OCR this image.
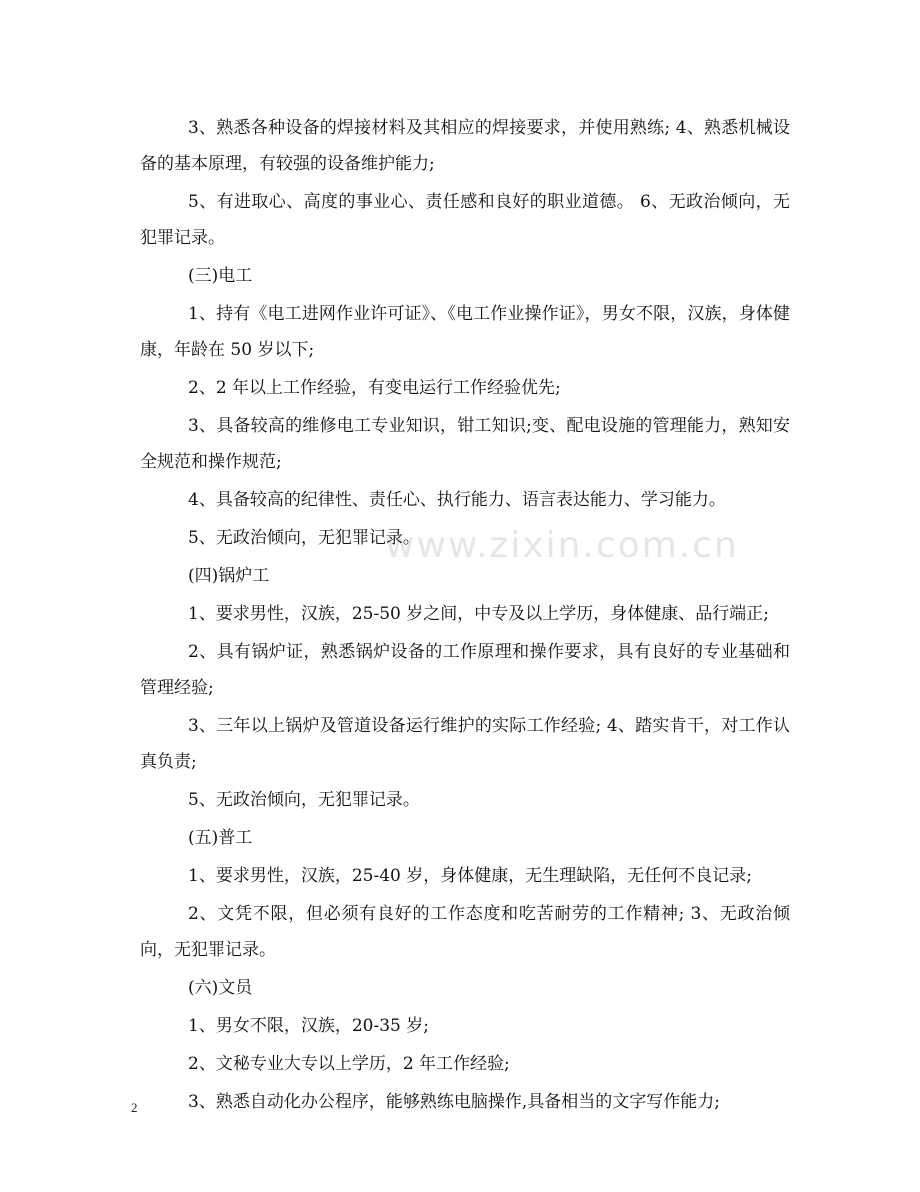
www.zixin.com.cn

3、熟悉各种设备的焊接材料及其相应的焊接要求，并使用熟练; 4、熟悉机械设备的基本原理，有较强的设备维护能力;

5、有进取心、高度的事业心、责任感和良好的职业道德。 6、无政治倾向，无犯罪记录。

(三)电工

1、持有《电工进网作业许可证》、《电工作业操作证》，男女不限，汉族，身体健康，年龄在 50 岁以下;

2、2 年以上工作经验，有变电运行工作经验优先;

3、具备较高的维修电工专业知识，钳工知识;变、配电设施的管理能力，熟知安全规范和操作规范;

4、具备较高的纪律性、责任心、执行能力、语言表达能力、学习能力。

5、无政治倾向，无犯罪记录。

(四)锅炉工

1、要求男性，汉族，25-50 岁之间，中专及以上学历，身体健康、品行端正;

2、具有锅炉证，熟悉锅炉设备的工作原理和操作要求，具有良好的专业基础和管理经验;

3、三年以上锅炉及管道设备运行维护的实际工作经验; 4、踏实肯干，对工作认真负责;

5、无政治倾向，无犯罪记录。

(五)普工

1、要求男性，汉族，25-40 岁，身体健康，无生理缺陷，无任何不良记录;

2、文凭不限，但必须有良好的工作态度和吃苦耐劳的工作精神; 3、无政治倾向，无犯罪记录。

(六)文员

1、男女不限，汉族，20-35 岁;

2、文秘专业大专以上学历，2 年工作经验;

3、熟悉自动化办公程序，能够熟练电脑操作,具备相当的文字写作能力;

2
